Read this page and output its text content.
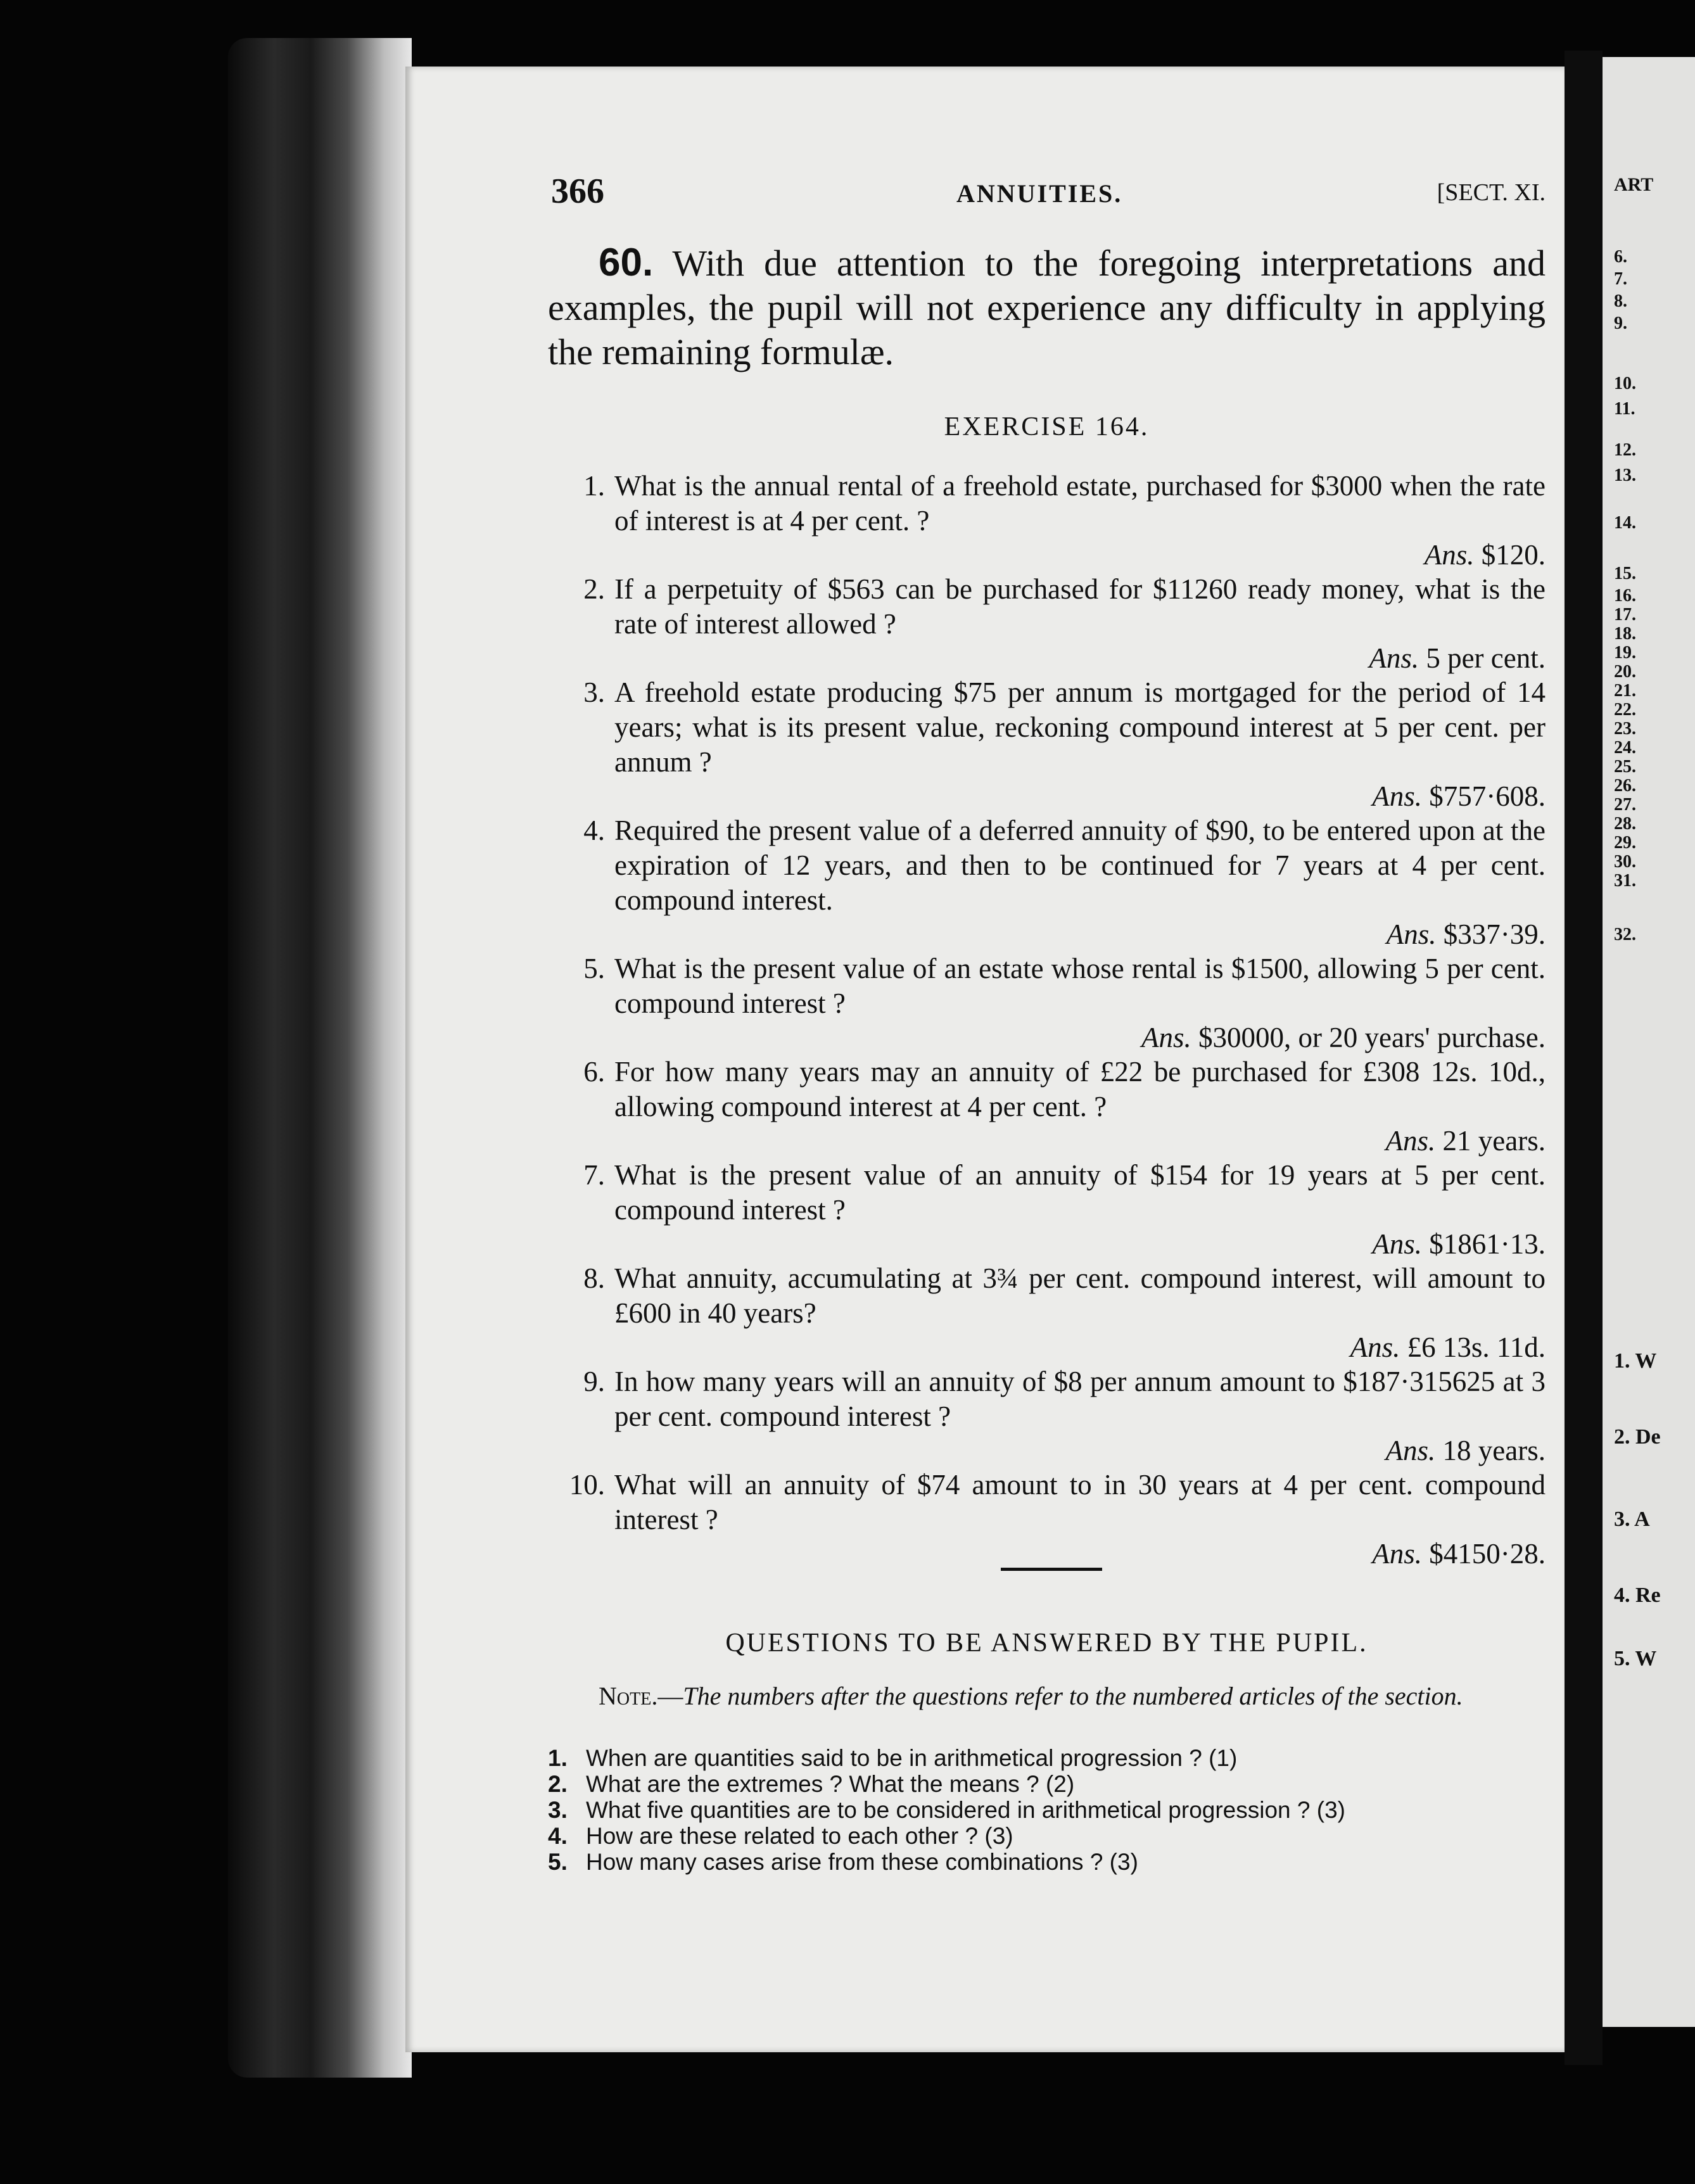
ART
6.
7.
8.
9.
10.
11.
12.
13.
14.
15.
16.
17.
18.
19.
20.
21.
22.
23.
24.
25.
26.
27.
28.
29.
30.
31.
32.
1. W
2. De
3. A
4. Re
5. W
366	ANNUITIES.	[SECT. XI.
60. With due attention to the foregoing interpretations and examples, the pupil will not experience any difficulty in applying the remaining formulæ.
EXERCISE 164.
1. What is the annual rental of a freehold estate, purchased for $3000 when the rate of interest is at 4 per cent. ?
Ans. $120.
2. If a perpetuity of $563 can be purchased for $11260 ready money, what is the rate of interest allowed ?
Ans. 5 per cent.
3. A freehold estate producing $75 per annum is mortgaged for the period of 14 years; what is its present value, reckoning compound interest at 5 per cent. per annum ?
Ans. $757·608.
4. Required the present value of a deferred annuity of $90, to be entered upon at the expiration of 12 years, and then to be continued for 7 years at 4 per cent. compound interest.
Ans. $337·39.
5. What is the present value of an estate whose rental is $1500, allowing 5 per cent. compound interest ?
Ans. $30000, or 20 years' purchase.
6. For how many years may an annuity of £22 be purchased for £308 12s. 10d., allowing compound interest at 4 per cent. ?
Ans. 21 years.
7. What is the present value of an annuity of $154 for 19 years at 5 per cent. compound interest ?
Ans. $1861·13.
8. What annuity, accumulating at 3¾ per cent. compound interest, will amount to £600 in 40 years?
Ans. £6 13s. 11d.
9. In how many years will an annuity of $8 per annum amount to $187·315625 at 3 per cent. compound interest ?
Ans. 18 years.
10. What will an annuity of $74 amount to in 30 years at 4 per cent. compound interest ?
Ans. $4150·28.
QUESTIONS TO BE ANSWERED BY THE PUPIL.
Note.—The numbers after the questions refer to the numbered articles of the section.
1. When are quantities said to be in arithmetical progression ? (1)
2. What are the extremes ? What the means ? (2)
3. What five quantities are to be considered in arithmetical progression ? (3)
4. How are these related to each other ? (3)
5. How many cases arise from these combinations ? (3)
